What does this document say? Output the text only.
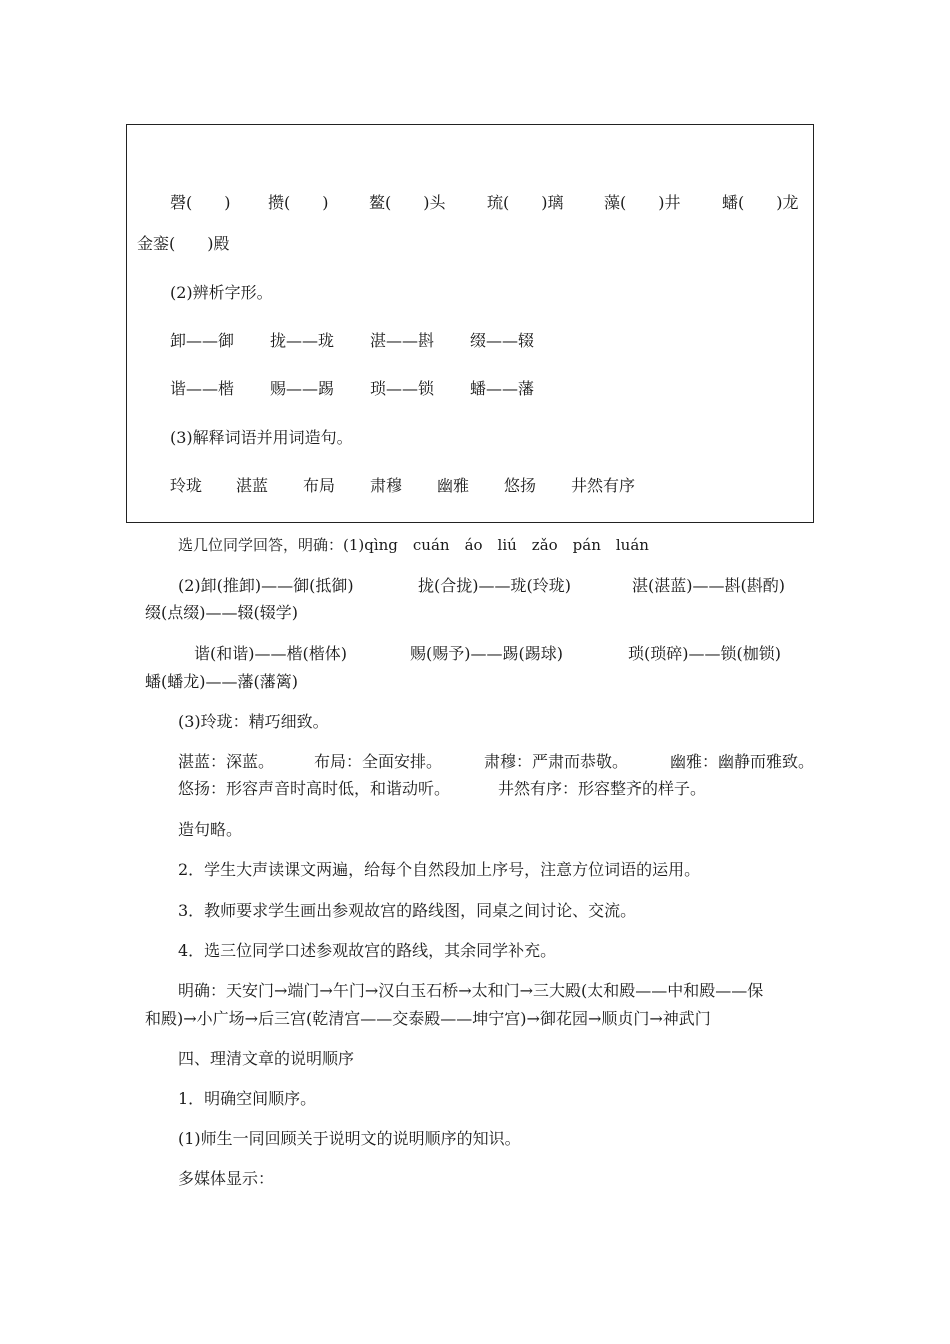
磬(　　)	攒(　　)	鳌(　　)头	琉(　　)璃	藻(　　)井	蟠(　　)龙
金銮(　　)殿
(2)辨析字形。
卸——御	拢——珑	湛——斟	缀——辍
谐——楷	赐——踢	琐——锁	蟠——藩
(3)解释词语并用词造句。
玲珑	湛蓝	布局	肃穆	幽雅	悠扬	井然有序
选几位同学回答，明确：(1)qìng　cuán　áo　liú　zǎo　pán　luán
(2)卸(推卸)——御(抵御)	拢(合拢)——珑(玲珑)	湛(湛蓝)——斟(斟酌)
缀(点缀)——辍(辍学)
谐(和谐)——楷(楷体)	赐(赐予)——踢(踢球)	琐(琐碎)——锁(枷锁)
蟠(蟠龙)——藩(藩篱)
(3)玲珑：精巧细致。
湛蓝：深蓝。	布局：全面安排。	肃穆：严肃而恭敬。	幽雅：幽静而雅致。
悠扬：形容声音时高时低，和谐动听。	井然有序：形容整齐的样子。
造句略。
2．学生大声读课文两遍，给每个自然段加上序号，注意方位词语的运用。
3．教师要求学生画出参观故宫的路线图，同桌之间讨论、交流。
4．选三位同学口述参观故宫的路线，其余同学补充。
明确：天安门→端门→午门→汉白玉石桥→太和门→三大殿(太和殿——中和殿——保
和殿)→小广场→后三宫(乾清宫——交泰殿——坤宁宫)→御花园→顺贞门→神武门
四、理清文章的说明顺序
1．明确空间顺序。
(1)师生一同回顾关于说明文的说明顺序的知识。
多媒体显示：
